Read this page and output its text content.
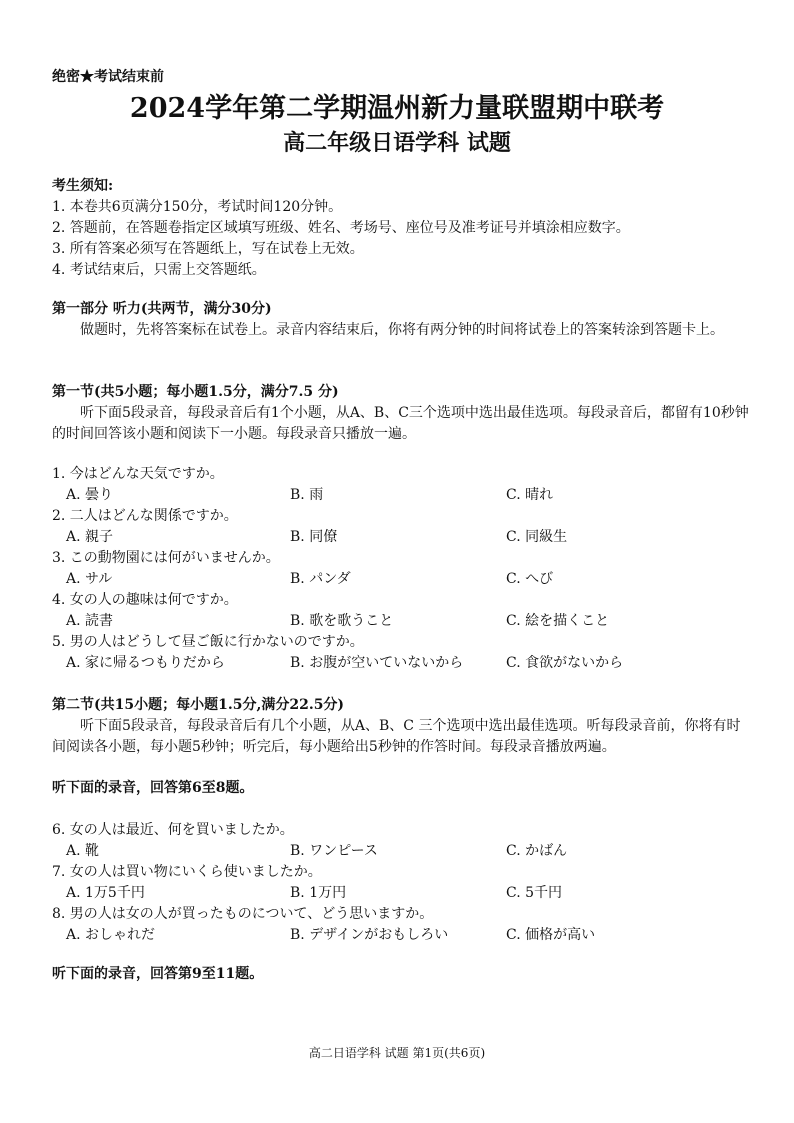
绝密★考试结束前
2024学年第二学期温州新力量联盟期中联考
高二年级日语学科 试题
考生须知:
1. 本卷共6页满分150分，考试时间120分钟。
2. 答题前，在答题卷指定区域填写班级、姓名、考场号、座位号及准考证号并填涂相应数字。
3. 所有答案必须写在答题纸上，写在试卷上无效。
4. 考试结束后，只需上交答题纸。
第一部分 听力(共两节，满分30分)
做题时，先将答案标在试卷上。录音内容结束后，你将有两分钟的时间将试卷上的答案转涂到答题卡上。
第一节(共5小题；每小题1.5分，满分7.5 分)
听下面5段录音，每段录音后有1个小题，从A、B、C三个选项中选出最佳选项。每段录音后，都留有10秒钟的时间回答该小题和阅读下一小题。每段录音只播放一遍。
1. 今はどんな天気ですか。
A. 曇り	B. 雨	C. 晴れ
2. 二人はどんな関係ですか。
A. 親子	B. 同僚	C. 同級生
3. この動物園には何がいませんか。
A. サル	B. パンダ	C. へび
4. 女の人の趣味は何ですか。
A. 読書	B. 歌を歌うこと	C. 絵を描くこと
5. 男の人はどうして昼ご飯に行かないのですか。
A. 家に帰るつもりだから	B. お腹が空いていないから	C. 食欲がないから
第二节(共15小题；每小题1.5分,满分22.5分)
听下面5段录音，每段录音后有几个小题，从A、B、C 三个选项中选出最佳选项。听每段录音前，你将有时间阅读各小题，每小题5秒钟；听完后，每小题给出5秒钟的作答时间。每段录音播放两遍。
听下面的录音，回答第6至8题。
6. 女の人は最近、何を買いましたか。
A. 靴	B. ワンピース	C. かばん
7. 女の人は買い物にいくら使いましたか。
A. 1万5千円	B. 1万円	C. 5千円
8. 男の人は女の人が買ったものについて、どう思いますか。
A. おしゃれだ	B. デザインがおもしろい	C. 価格が高い
听下面的录音，回答第9至11题。
高二日语学科 试题 第1页(共6页)
